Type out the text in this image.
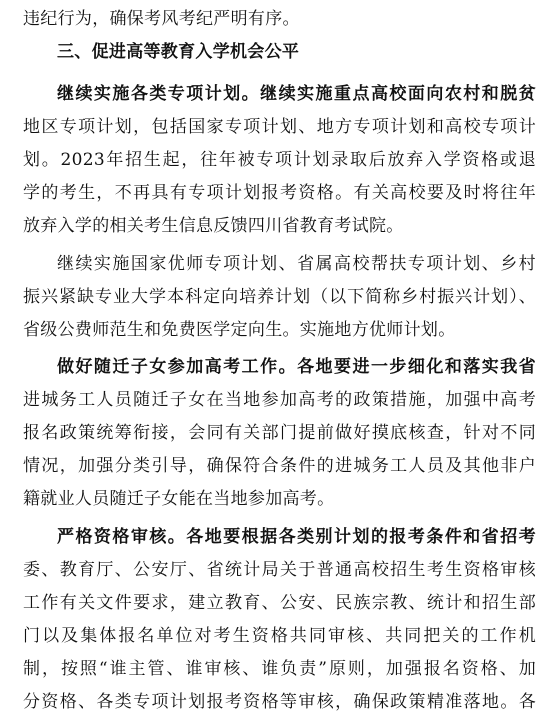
违纪行为，确保考风考纪严明有序。
三、促进高等教育入学机会公平
继续实施各类专项计划。继续实施重点高校面向农村和脱贫
地区专项计划，包括国家专项计划、地方专项计划和高校专项计
划。2023年招生起，往年被专项计划录取后放弃入学资格或退
学的考生，不再具有专项计划报考资格。有关高校要及时将往年
放弃入学的相关考生信息反馈四川省教育考试院。
继续实施国家优师专项计划、省属高校帮扶专项计划、乡村
振兴紧缺专业大学本科定向培养计划（以下简称乡村振兴计划）、
省级公费师范生和免费医学定向生。实施地方优师计划。
做好随迁子女参加高考工作。各地要进一步细化和落实我省
进城务工人员随迁子女在当地参加高考的政策措施，加强中高考
报名政策统筹衔接，会同有关部门提前做好摸底核查，针对不同
情况，加强分类引导，确保符合条件的进城务工人员及其他非户
籍就业人员随迁子女能在当地参加高考。
严格资格审核。各地要根据各类别计划的报考条件和省招考
委、教育厅、公安厅、省统计局关于普通高校招生考生资格审核
工作有关文件要求，建立教育、公安、民族宗教、统计和招生部
门以及集体报名单位对考生资格共同审核、共同把关的工作机
制，按照“谁主管、谁审核、谁负责”原则，加强报名资格、加
分资格、各类专项计划报考资格等审核，确保政策精准落地。各
